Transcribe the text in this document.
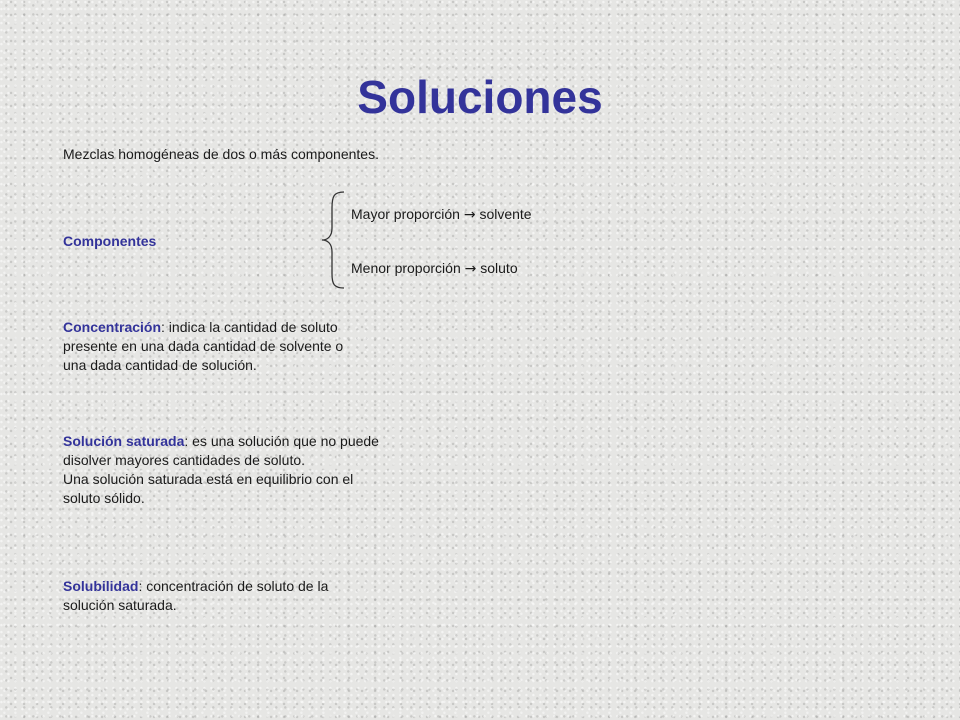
Soluciones
Mezclas homogéneas de dos o más componentes.
Componentes
Mayor proporción → solvente
Menor proporción → soluto
Concentración: indica la cantidad de soluto
presente en una dada cantidad de solvente o
una dada cantidad de solución.
Solución saturada: es una solución que no puede
disolver mayores cantidades de soluto.
Una solución saturada está en equilibrio con el
soluto sólido.
Solubilidad: concentración de soluto de la
solución saturada.
